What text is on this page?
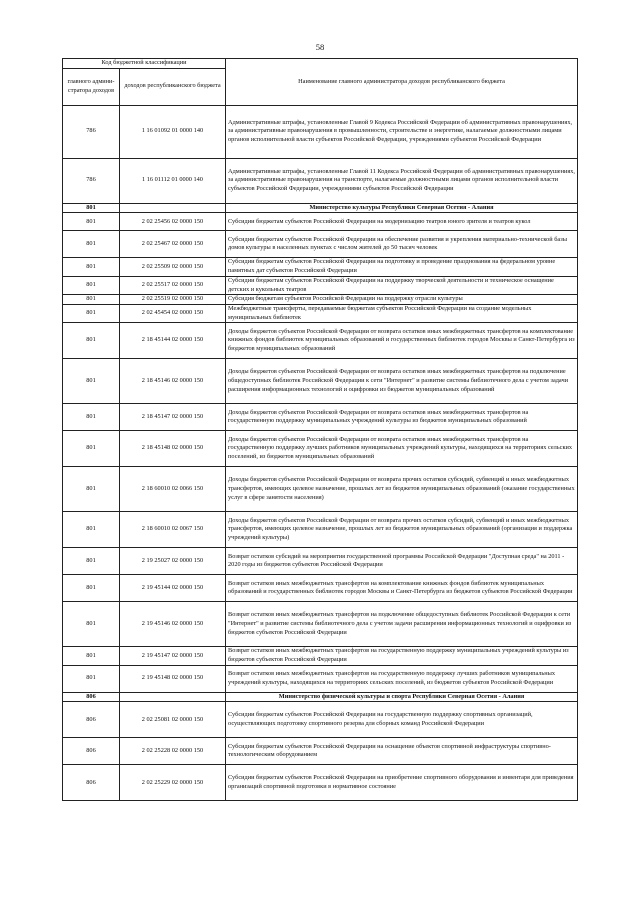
58
Код бюджетной классификации		Наименование главного администратора доходов республиканского бюджета
главного админи-стратора доходов	доходов республиканского бюджета	
786	1 16 01092 01 0000 140	Административные штрафы, установленные Главой 9 Кодекса Российской Федерации об административных правонарушениях, за административные правонарушения в промышленности, строительстве и энергетике, налагаемые должностными лицами органов исполнительной власти субъектов Российской Федерации, учреждениями субъектов Российской Федерации
786	1 16 01112 01 0000 140	Административные штрафы, установленные Главой 11 Кодекса Российской Федерации об административных правонарушениях, за административные правонарушения на транспорте, налагаемые должностными лицами органов исполнительной власти субъектов Российской Федерации, учреждениями субъектов Российской Федерации
801		Министерство культуры Республики Северная Осетия - Алания
801	2 02 25456 02 0000 150	Субсидии бюджетам субъектов Российской Федерации на модернизацию театров юного зрителя и театров кукол
801	2 02 25467 02 0000 150	Субсидии бюджетам субъектов Российской Федерации на обеспечение развития и укрепления материально-технической базы домов культуры в населенных пунктах с числом жителей до 50 тысяч человек
801	2 02 25509 02 0000 150	Субсидии бюджетам субъектов Российской Федерации на подготовку и проведение празднования на федеральном уровне памятных дат субъектов Российской Федерации
801	2 02 25517 02 0000 150	Субсидии бюджетам субъектов Российской Федерации на поддержку творческой деятельности и техническое оснащение детских и кукольных театров
801	2 02 25519 02 0000 150	Субсидия бюджетам субъектов Российской Федерации на поддержку отрасли культуры
801	2 02 45454 02 0000 150	Межбюджетные трансферты, передаваемые бюджетам субъектов Российской Федерации на создание модельных муниципальных библиотек
801	2 18 45144 02 0000 150	Доходы бюджетов субъектов Российской Федерации от возврата остатков иных межбюджетных трансфертов на комплектование книжных фондов библиотек муниципальных образований и государственных библиотек городов Москвы и Санкт-Петербурга из бюджетов муниципальных образований
801	2 18 45146 02 0000 150	Доходы бюджетов субъектов Российской Федерации от возврата остатков иных межбюджетных трансфертов на подключение общедоступных библиотек Российской Федерации к сети "Интернет" и развитие системы библиотечного дела с учетом задачи расширения информационных технологий и оцифровки из бюджетов муниципальных образований
801	2 18 45147 02 0000 150	Доходы бюджетов субъектов Российской Федерации от возврата остатков иных межбюджетных трансфертов на государственную поддержку муниципальных учреждений культуры из бюджетов муниципальных образований
801	2 18 45148 02 0000 150	Доходы бюджетов субъектов Российской Федерации от возврата остатков иных межбюджетных трансфертов на государственную поддержку лучших работников муниципальных учреждений культуры, находящихся на территориях сельских поселений, из бюджетов муниципальных образований
801	2 18 60010 02 0066 150	Доходы бюджетов субъектов Российской Федерации от возврата прочих остатков субсидий, субвенций и иных межбюджетных трансфертов, имеющих целевое назначение, прошлых лет из бюджетов муниципальных образований (оказание государственных услуг в сфере занятости населения)
801	2 18 60010 02 0067 150	Доходы бюджетов субъектов Российской Федерации от возврата прочих остатков субсидий, субвенций и иных межбюджетных трансфертов, имеющих целевое назначение, прошлых лет из бюджетов муниципальных образований (организация и поддержка учреждений культуры)
801	2 19 25027 02 0000 150	Возврат остатков субсидий на мероприятия государственной программы Российской Федерации "Доступная среда" на 2011 - 2020 годы из бюджетов субъектов Российской Федерации
801	2 19 45144 02 0000 150	Возврат остатков иных межбюджетных трансфертов на комплектование книжных фондов библиотек муниципальных образований и государственных библиотек городов Москвы и Санкт-Петербурга из бюджетов субъектов Российской Федерации
801	2 19 45146 02 0000 150	Возврат остатков иных межбюджетных трансфертов на подключение общедоступных библиотек Российской Федерации к сети "Интернет" и развитие системы библиотечного дела с учетом задачи расширения информационных технологий и оцифровки из бюджетов субъектов Российской Федерации
801	2 19 45147 02 0000 150	Возврат остатков иных межбюджетных трансфертов на государственную поддержку муниципальных учреждений культуры из бюджетов субъектов Российской Федерации
801	2 19 45148 02 0000 150	Возврат остатков иных межбюджетных трансфертов на государственную поддержку лучших работников муниципальных учреждений культуры, находящихся на территориях сельских поселений, из бюджетов субъектов Российской Федерации
806		Министерство физической культуры и спорта Республики Северная Осетия - Алания
806	2 02 25081 02 0000 150	Субсидии бюджетам субъектов Российской Федерации на государственную поддержку спортивных организаций, осуществляющих подготовку спортивного резерва для сборных команд Российской Федерации
806	2 02 25228 02 0000 150	Субсидии бюджетам субъектов Российской Федерации на оснащение объектов спортивной инфраструктуры спортивно-технологическим оборудованием
806	2 02 25229 02 0000 150	Субсидии бюджетам субъектов Российской Федерации на приобретение спортивного оборудования и инвентаря для приведения организаций спортивной подготовки в нормативное состояние
